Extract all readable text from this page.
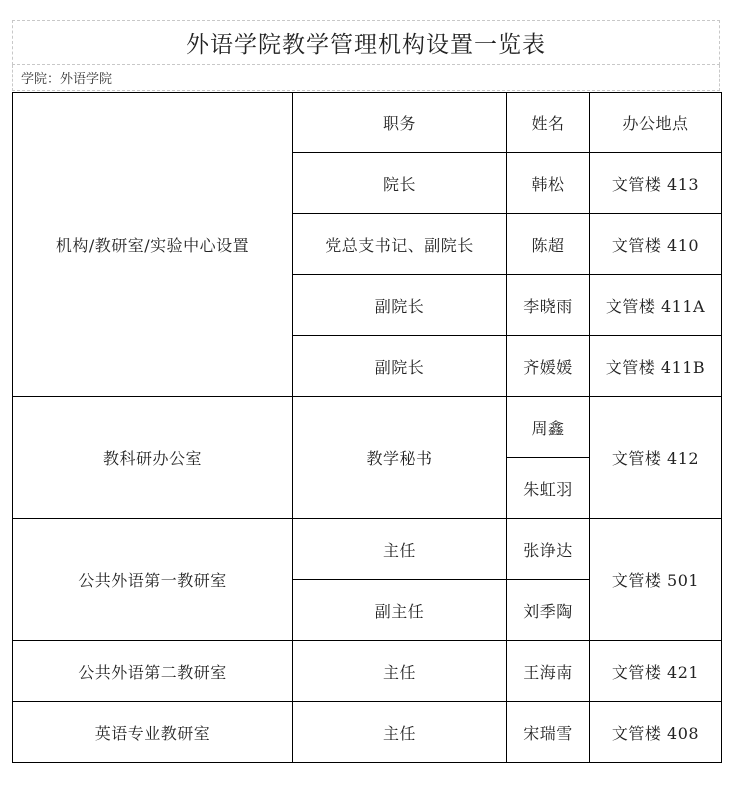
外语学院教学管理机构设置一览表
学院：外语学院
机构/教研室/实验中心设置	职务	姓名	办公地点
	院长	韩松	文管楼 413
	党总支书记、副院长	陈超	文管楼 410
	副院长	李晓雨	文管楼 411A
	副院长	齐媛媛	文管楼 411B
教科研办公室	教学秘书	周鑫	文管楼 412
		朱虹羽	
公共外语第一教研室	主任	张诤达	文管楼 501
	副主任	刘季陶	
公共外语第二教研室	主任	王海南	文管楼 421
英语专业教研室	主任	宋瑞雪	文管楼 408
